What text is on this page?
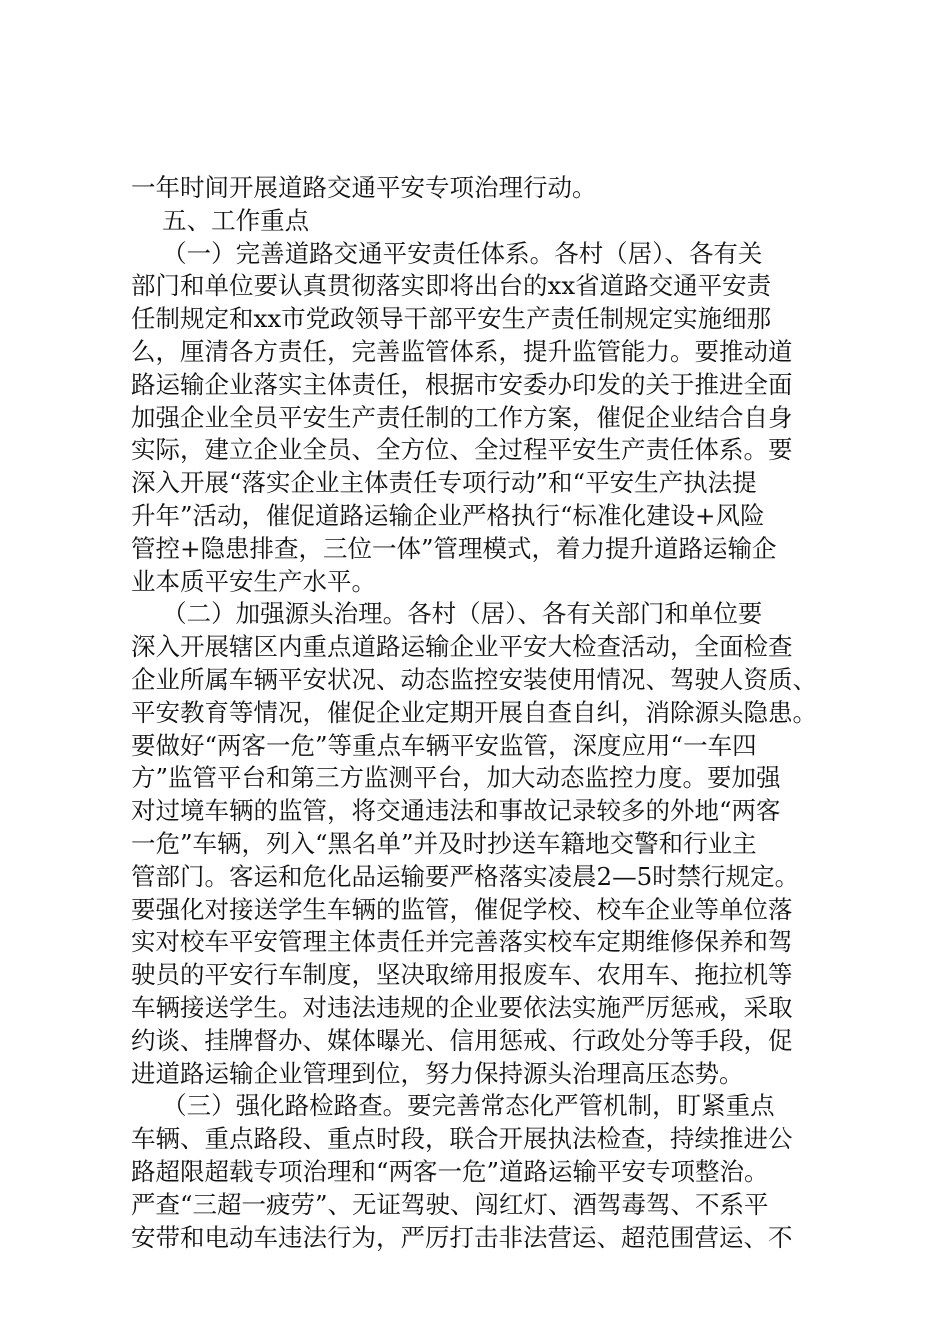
一年时间开展道路交通平安专项治理行动。
五、工作重点
（一）完善道路交通平安责任体系。各村（居）、各有关
部门和单位要认真贯彻落实即将出台的xx省道路交通平安责
任制规定和xx市党政领导干部平安生产责任制规定实施细那
么，厘清各方责任，完善监管体系，提升监管能力。要推动道
路运输企业落实主体责任，根据市安委办印发的关于推进全面
加强企业全员平安生产责任制的工作方案，催促企业结合自身
实际，建立企业全员、全方位、全过程平安生产责任体系。要
深入开展“落实企业主体责任专项行动”和“平安生产执法提
升年”活动，催促道路运输企业严格执行“标准化建设+风险
管控+隐患排查，三位一体”管理模式，着力提升道路运输企
业本质平安生产水平。
（二）加强源头治理。各村（居）、各有关部门和单位要
深入开展辖区内重点道路运输企业平安大检查活动，全面检查
企业所属车辆平安状况、动态监控安装使用情况、驾驶人资质、
平安教育等情况，催促企业定期开展自查自纠，消除源头隐患。
要做好“两客一危”等重点车辆平安监管，深度应用“一车四
方”监管平台和第三方监测平台，加大动态监控力度。要加强
对过境车辆的监管，将交通违法和事故记录较多的外地“两客
一危”车辆，列入“黑名单”并及时抄送车籍地交警和行业主
管部门。客运和危化品运输要严格落实凌晨2—5时禁行规定。
要强化对接送学生车辆的监管，催促学校、校车企业等单位落
实对校车平安管理主体责任并完善落实校车定期维修保养和驾
驶员的平安行车制度，坚决取缔用报废车、农用车、拖拉机等
车辆接送学生。对违法违规的企业要依法实施严厉惩戒，采取
约谈、挂牌督办、媒体曝光、信用惩戒、行政处分等手段，促
进道路运输企业管理到位，努力保持源头治理高压态势。
（三）强化路检路查。要完善常态化严管机制，盯紧重点
车辆、重点路段、重点时段，联合开展执法检查，持续推进公
路超限超载专项治理和“两客一危”道路运输平安专项整治。
严查“三超一疲劳”、无证驾驶、闯红灯、酒驾毒驾、不系平
安带和电动车违法行为，严厉打击非法营运、超范围营运、不
